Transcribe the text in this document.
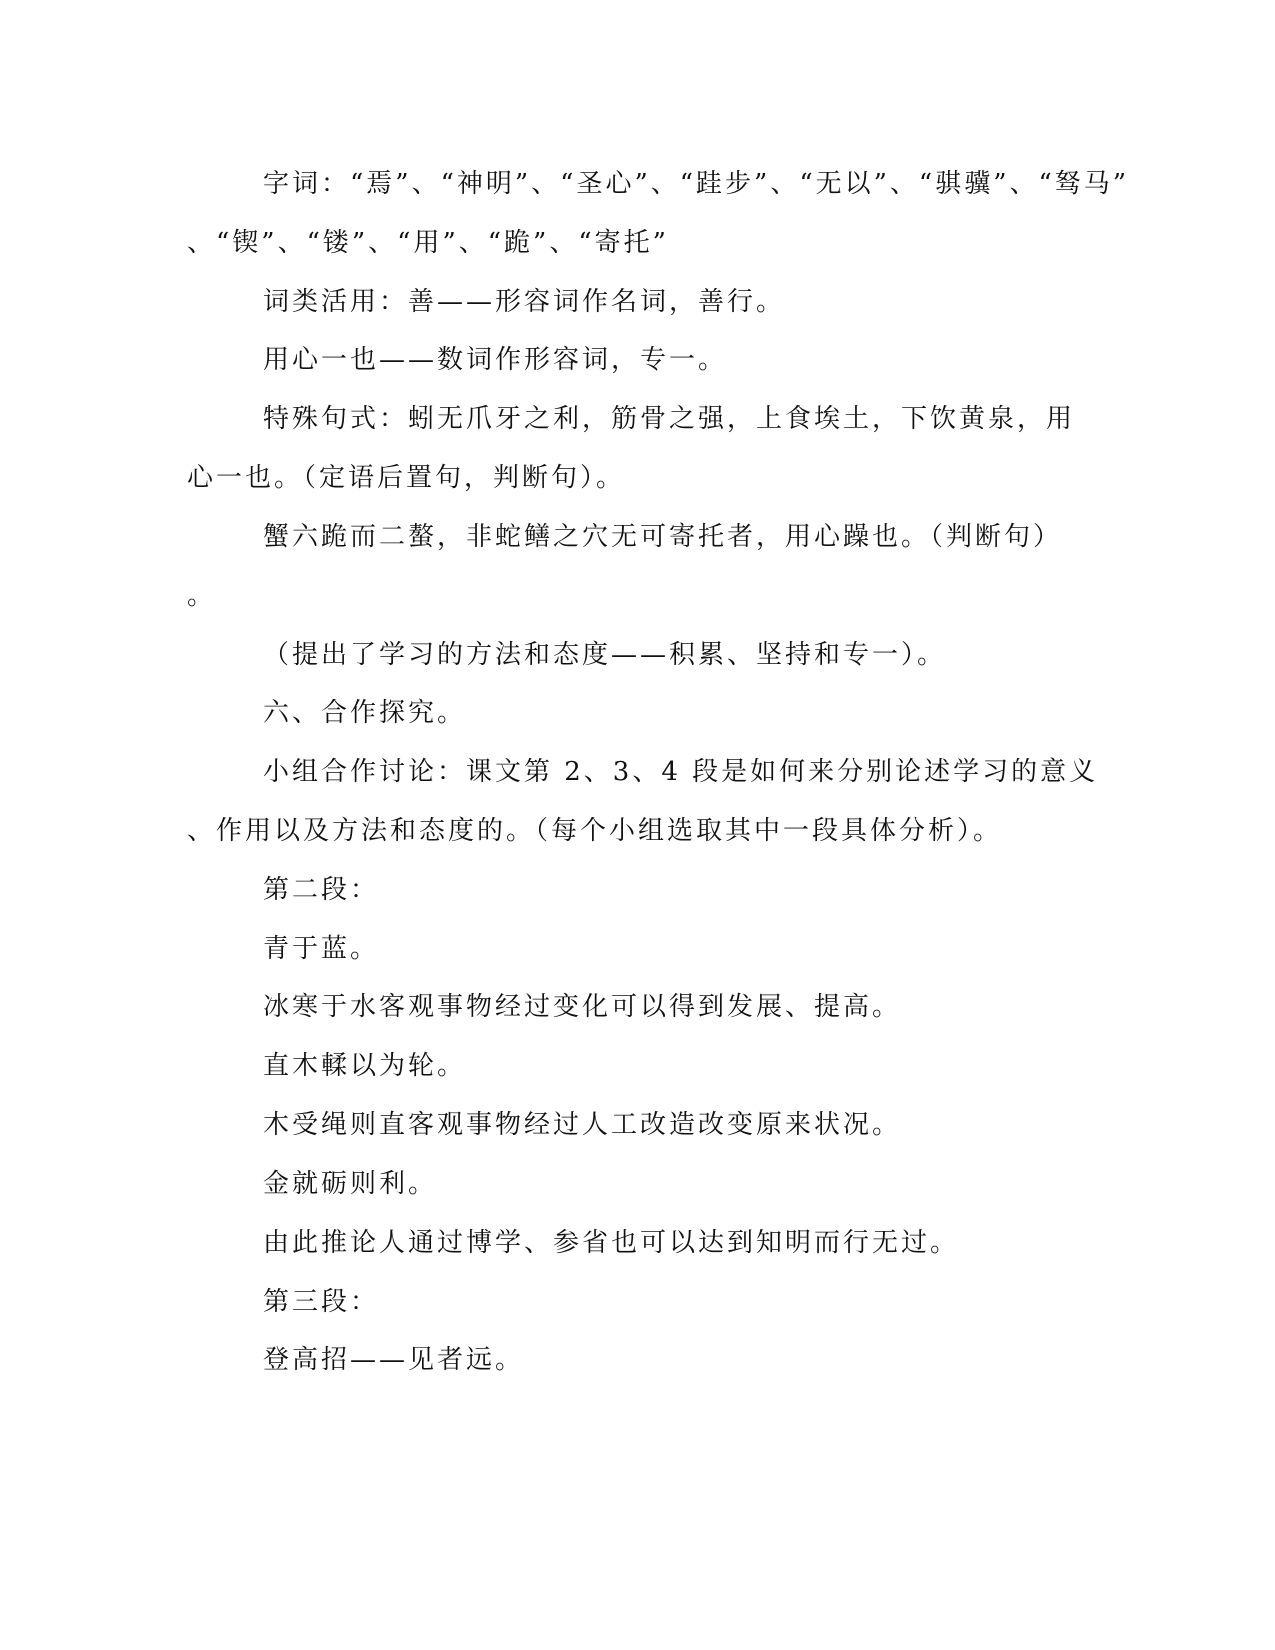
字词：“焉”、“神明”、“圣心”、“跬步”、“无以”、“骐骥”、“驽马”
、“锲”、“镂”、“用”、“跪”、“寄托”
词类活用：善——形容词作名词，善行。
用心一也——数词作形容词，专一。
特殊句式：蚓无爪牙之利，筋骨之强，上食埃土，下饮黄泉，用
心一也。（定语后置句，判断句）。
蟹六跪而二螯，非蛇鳝之穴无可寄托者，用心躁也。（判断句）
。
（提出了学习的方法和态度——积累、坚持和专一）。
六、合作探究。
小组合作讨论：课文第 2、3、4 段是如何来分别论述学习的意义
、作用以及方法和态度的。（每个小组选取其中一段具体分析）。
第二段：
青于蓝。
冰寒于水客观事物经过变化可以得到发展、提高。
直木輮以为轮。
木受绳则直客观事物经过人工改造改变原来状况。
金就砺则利。
由此推论人通过博学、参省也可以达到知明而行无过。
第三段：
登高招——见者远。
